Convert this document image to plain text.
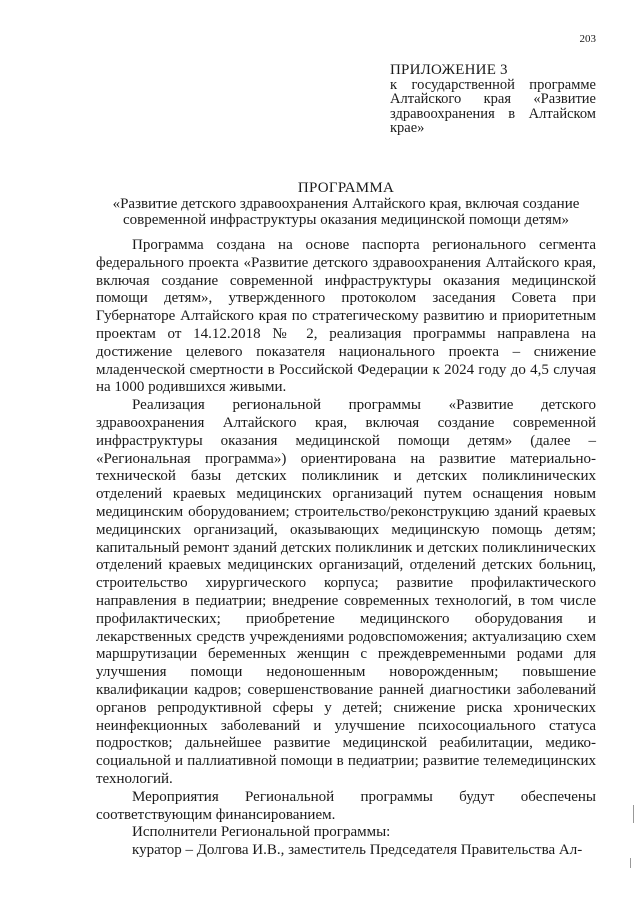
203
ПРИЛОЖЕНИЕ 3
к государственной программе Алтайского края «Развитие здравоохранения в Алтайском крае»
ПРОГРАММА
«Развитие детского здравоохранения Алтайского края, включая создание современной инфраструктуры оказания медицинской помощи детям»

Программа создана на основе паспорта регионального сегмента федерального проекта «Развитие детского здравоохранения Алтайского края, включая создание современной инфраструктуры оказания медицинской помощи детям», утвержденного протоколом заседания Совета при Губернаторе Алтайского края по стратегическому развитию и приоритетным проектам от 14.12.2018 № 2, реализация программы направлена на достижение целевого показателя национального проекта – снижение младенческой смертности в Российской Федерации к 2024 году до 4,5 случая на 1000 родившихся живыми.

Реализация региональной программы «Развитие детского здравоохранения Алтайского края, включая создание современной инфраструктуры оказания медицинской помощи детям» (далее – «Региональная программа») ориентирована на развитие материально-технической базы детских поликлиник и детских поликлинических отделений краевых медицинских организаций путем оснащения новым медицинским оборудованием; строительство/реконструкцию зданий краевых медицинских организаций, оказывающих медицинскую помощь детям; капитальный ремонт зданий детских поликлиник и детских поликлинических отделений краевых медицинских организаций, отделений детских больниц, строительство хирургического корпуса; развитие профилактического направления в педиатрии; внедрение современных технологий, в том числе профилактических; приобретение медицинского оборудования и лекарственных средств учреждениями родовспоможения; актуализацию схем маршрутизации беременных женщин с преждевременными родами для улучшения помощи недоношенным новорожденным; повышение квалификации кадров; совершенствование ранней диагностики заболеваний органов репродуктивной сферы у детей; снижение риска хронических неинфекционных заболеваний и улучшение психосоциального статуса подростков; дальнейшее развитие медицинской реабилитации, медико-социальной и паллиативной помощи в педиатрии; развитие телемедицинских технологий.

Мероприятия Региональной программы будут обеспечены соответствующим финансированием.

Исполнители Региональной программы:

куратор – Долгова И.В., заместитель Председателя Правительства Ал-
